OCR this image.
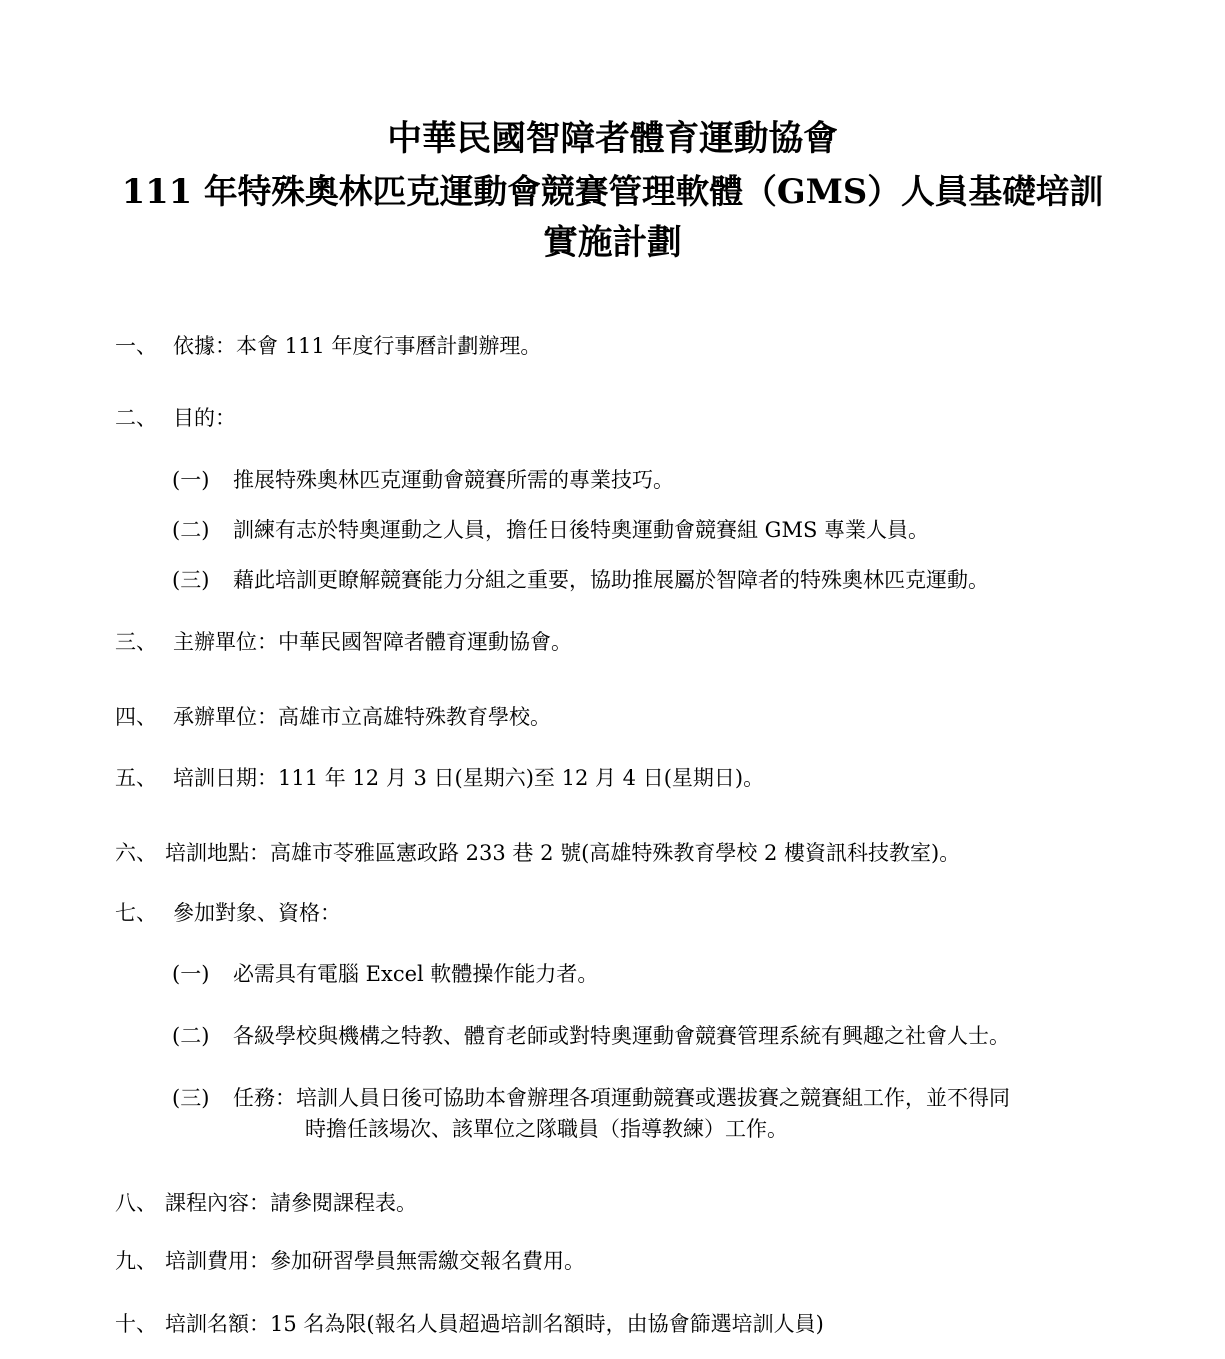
中華民國智障者體育運動協會
111 年特殊奧林匹克運動會競賽管理軟體（GMS）人員基礎培訓
實施計劃
一、 依據：本會 111 年度行事曆計劃辦理。
二、 目的：
(一) 推展特殊奧林匹克運動會競賽所需的專業技巧。
(二) 訓練有志於特奧運動之人員，擔任日後特奧運動會競賽組 GMS 專業人員。
(三) 藉此培訓更瞭解競賽能力分組之重要，協助推展屬於智障者的特殊奧林匹克運動。
三、 主辦單位：中華民國智障者體育運動協會。
四、 承辦單位：高雄市立高雄特殊教育學校。
五、 培訓日期：111 年 12 月 3 日(星期六)至 12 月 4 日(星期日)。
六、 培訓地點：高雄市苓雅區憲政路 233 巷 2 號(高雄特殊教育學校 2 樓資訊科技教室)。
七、 參加對象、資格：
(一) 必需具有電腦 Excel 軟體操作能力者。
(二) 各級學校與機構之特教、體育老師或對特奧運動會競賽管理系統有興趣之社會人士。
(三) 任務：培訓人員日後可協助本會辦理各項運動競賽或選拔賽之競賽組工作，並不得同
時擔任該場次、該單位之隊職員（指導教練）工作。
八、 課程內容：請參閱課程表。
九、 培訓費用：參加研習學員無需繳交報名費用。
十、 培訓名額：15 名為限(報名人員超過培訓名額時，由協會篩選培訓人員)
